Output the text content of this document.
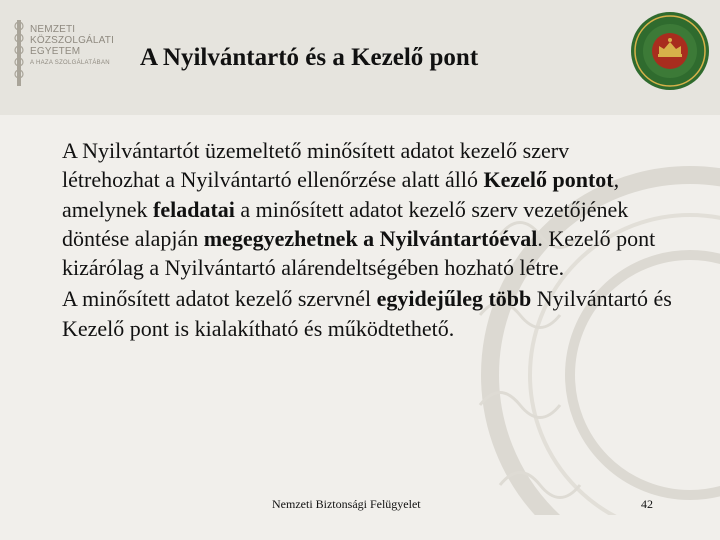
NEMZETI
KÖZSZOLGÁLATI
EGYETEM
A HAZA SZOLGÁLATÁBAN A Nyilvántartó és a Kezelő pont

A Nyilvántartót üzemeltető minősített adatot kezelő szerv létrehozhat a Nyilvántartó ellenőrzése alatt álló Kezelő pontot, amelynek feladatai a minősített adatot kezelő szerv vezetőjének döntése alapján megegyezhetnek a Nyilvántartóéval. Kezelő pont kizárólag a Nyilvántartó alárendeltségében hozható létre.

A minősített adatot kezelő szervnél egyidejűleg több Nyilvántartó és Kezelő pont is kialakítható és működtethető.

Nemzeti Biztonsági Felügyelet	42
